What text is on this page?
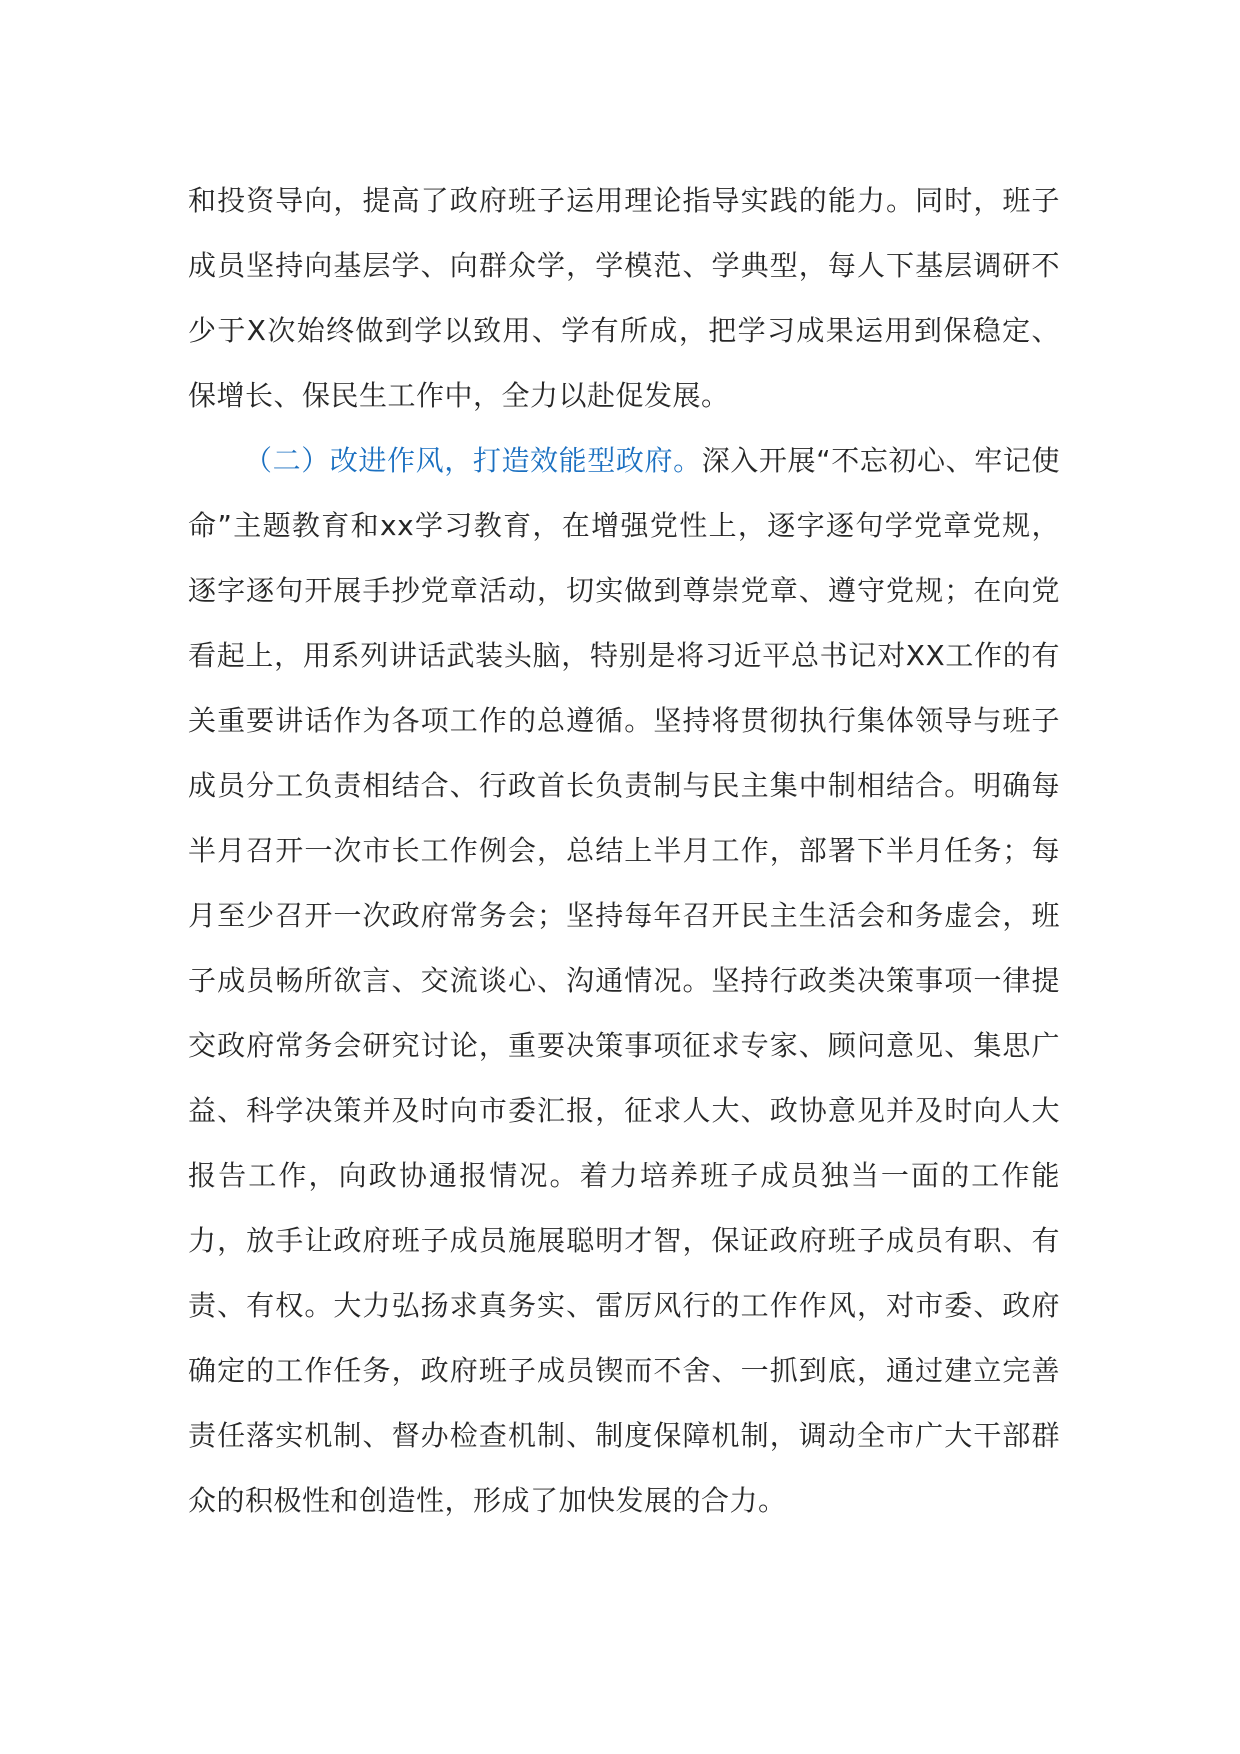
和投资导向，提高了政府班子运用理论指导实践的能力。同时，班子成员坚持向基层学、向群众学，学模范、学典型，每人下基层调研不少于X次始终做到学以致用、学有所成，把学习成果运用到保稳定、保增长、保民生工作中，全力以赴促发展。

（二）改进作风，打造效能型政府。深入开展“不忘初心、牢记使命”主题教育和xx学习教育，在增强党性上，逐字逐句学党章党规，逐字逐句开展手抄党章活动，切实做到尊崇党章、遵守党规；在向党看起上，用系列讲话武装头脑，特别是将习近平总书记对XX工作的有关重要讲话作为各项工作的总遵循。坚持将贯彻执行集体领导与班子成员分工负责相结合、行政首长负责制与民主集中制相结合。明确每半月召开一次市长工作例会，总结上半月工作，部署下半月任务；每月至少召开一次政府常务会；坚持每年召开民主生活会和务虚会，班子成员畅所欲言、交流谈心、沟通情况。坚持行政类决策事项一律提交政府常务会研究讨论，重要决策事项征求专家、顾问意见、集思广益、科学决策并及时向市委汇报，征求人大、政协意见并及时向人大报告工作，向政协通报情况。着力培养班子成员独当一面的工作能力，放手让政府班子成员施展聪明才智，保证政府班子成员有职、有责、有权。大力弘扬求真务实、雷厉风行的工作作风，对市委、政府确定的工作任务，政府班子成员锲而不舍、一抓到底，通过建立完善责任落实机制、督办检查机制、制度保障机制，调动全市广大干部群众的积极性和创造性，形成了加快发展的合力。
